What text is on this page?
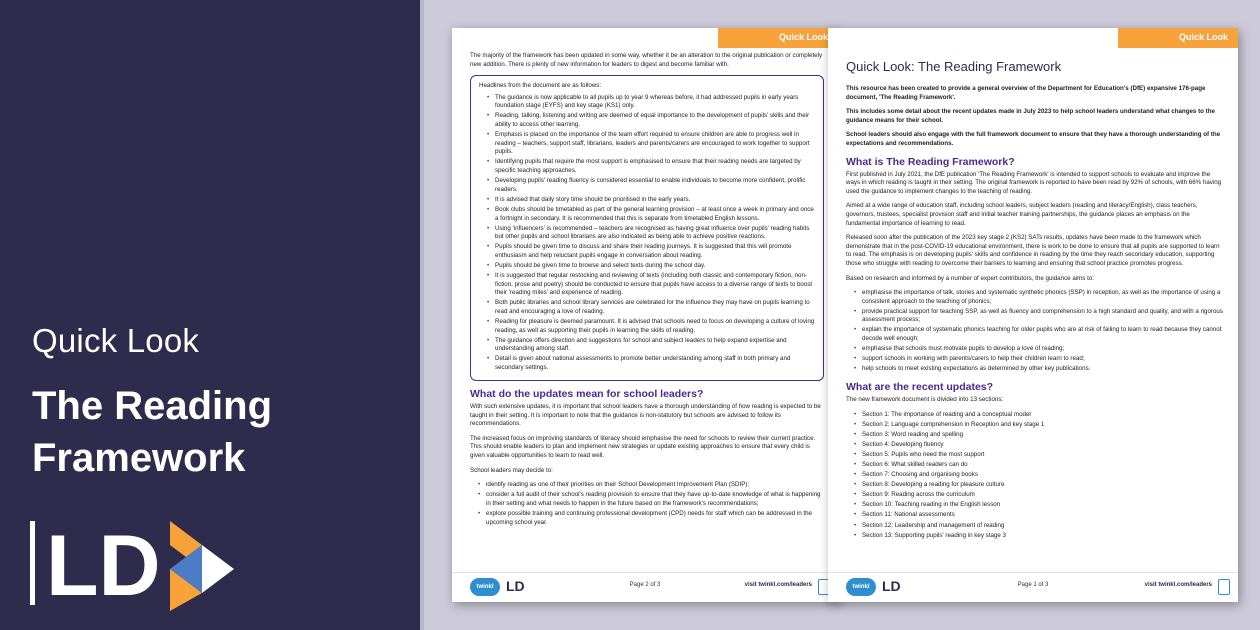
Quick Look
The Reading Framework
LD
Quick Look

The majority of the framework has been updated in some way, whether it be an alteration to the original publication or completely new addition. There is plenty of new information for leaders to digest and become familiar with.

Headlines from the document are as follows:

• The guidance is now applicable to all pupils up to year 9 whereas before, it had addressed pupils in early years foundation stage (EYFS) and key stage (KS1) only.
• Reading, talking, listening and writing are deemed of equal importance to the development of pupils' skills and their ability to access other learning.
• Emphasis is placed on the importance of the team effort required to ensure children are able to progress well in reading – teachers, support staff, librarians, leaders and parents/carers are encouraged to work together to support pupils.
• Identifying pupils that require the most support is emphasised to ensure that their reading needs are targeted by specific teaching approaches.
• Developing pupils' reading fluency is considered essential to enable individuals to become more confident, prolific readers.
• It is advised that daily story time should be prioritised in the early years.
• Book clubs should be timetabled as part of the general learning provision – at least once a week in primary and once a fortnight in secondary. It is recommended that this is separate from timetabled English lessons.
• Using 'influencers' is recommended – teachers are recognised as having great influence over pupils' reading habits but other pupils and school librarians are also indicated as being able to achieve positive reactions.
• Pupils should be given time to discuss and share their reading journeys. It is suggested that this will promote enthusiasm and help reluctant pupils engage in conversation about reading.
• Pupils should be given time to browse and select texts during the school day.
• It is suggested that regular restocking and reviewing of texts (including both classic and contemporary fiction, non-fiction, prose and poetry) should be conducted to ensure that pupils have access to a diverse range of texts to boost their 'reading miles' and experience of reading.
• Both public libraries and school library services are celebrated for the influence they may have on pupils learning to read and encouraging a love of reading.
• Reading for pleasure is deemed paramount. It is advised that schools need to focus on developing a culture of loving reading, as well as supporting their pupils in learning the skills of reading.
• The guidance offers direction and suggestions for school and subject leaders to help expand expertise and understanding among staff.
• Detail is given about national assessments to promote better understanding among staff in both primary and secondary settings.
What do the updates mean for school leaders?

With such extensive updates, it is important that school leaders have a thorough understanding of how reading is expected to be taught in their setting. It is important to note that the guidance is non-statutory but schools are advised to follow its recommendations.

The increased focus on improving standards of literacy should emphasise the need for schools to review their current practice. This should enable leaders to plan and implement new strategies or update existing approaches to ensure that every child is given valuable opportunities to learn to read well.

School leaders may decide to:

• identify reading as one of their priorities on their School Development Improvement Plan (SDIP);
• consider a full audit of their school's reading provision to ensure that they have up-to-date knowledge of what is happening in their setting and what needs to happen in the future based on the framework's recommendations;
• explore possible training and continuing professional development (CPD) needs for staff which can be addressed in the upcoming school year.
twinkl LD	Page 2 of 3	visit twinkl.com/leaders
Quick Look
Quick Look: The Reading Framework

This resource has been created to provide a general overview of the Department for Education's (DfE) expansive 176-page document, 'The Reading Framework'.

This includes some detail about the recent updates made in July 2023 to help school leaders understand what changes to the guidance means for their school.

School leaders should also engage with the full framework document to ensure that they have a thorough understanding of the expectations and recommendations.

What is The Reading Framework?

First published in July 2021, the DfE publication 'The Reading Framework' is intended to support schools to evaluate and improve the ways in which reading is taught in their setting. The original framework is reported to have been read by 92% of schools, with 66% having used the guidance to implement changes to the teaching of reading.

Aimed at a wide range of education staff, including school leaders, subject leaders (reading and literacy/English), class teachers, governors, trustees, specialist provision staff and initial teacher training partnerships, the guidance places an emphasis on the fundamental importance of learning to read.

Released soon after the publication of the 2023 key stage 2 (KS2) SATs results, updates have been made to the framework which demonstrate that in the post-COVID-19 educational environment, there is work to be done to ensure that all pupils are supported to learn to read. The emphasis is on developing pupils' skills and confidence in reading by the time they reach secondary education, supporting those who struggle with reading to overcome their barriers to learning and ensuring that school practice promotes progress.

Based on research and informed by a number of expert contributors, the guidance aims to:

• emphasise the importance of talk, stories and systematic synthetic phonics (SSP) in reception, as well as the importance of using a consistent approach to the teaching of phonics;
• provide practical support for teaching SSP, as well as fluency and comprehension to a high standard and quality, and with a rigorous assessment process;
• explain the importance of systematic phonics teaching for older pupils who are at risk of failing to learn to read because they cannot decode well enough;
• emphasise that schools must motivate pupils to develop a love of reading;
• support schools in working with parents/carers to help their children learn to read;
• help schools to meet existing expectations as determined by other key publications.
What are the recent updates?

The new framework document is divided into 13 sections:

• Section 1: The importance of reading and a conceptual model
• Section 2: Language comprehension in Reception and key stage 1
• Section 3: Word reading and spelling
• Section 4: Developing fluency
• Section 5: Pupils who need the most support
• Section 6: What skilled readers can do
• Section 7: Choosing and organising books
• Section 8: Developing a reading for pleasure culture
• Section 9: Reading across the curriculum
• Section 10: Teaching reading in the English lesson
• Section 11: National assessments
• Section 12: Leadership and management of reading
• Section 13: Supporting pupils' reading in key stage 3
twinkl LD	Page 1 of 3	visit twinkl.com/leaders
